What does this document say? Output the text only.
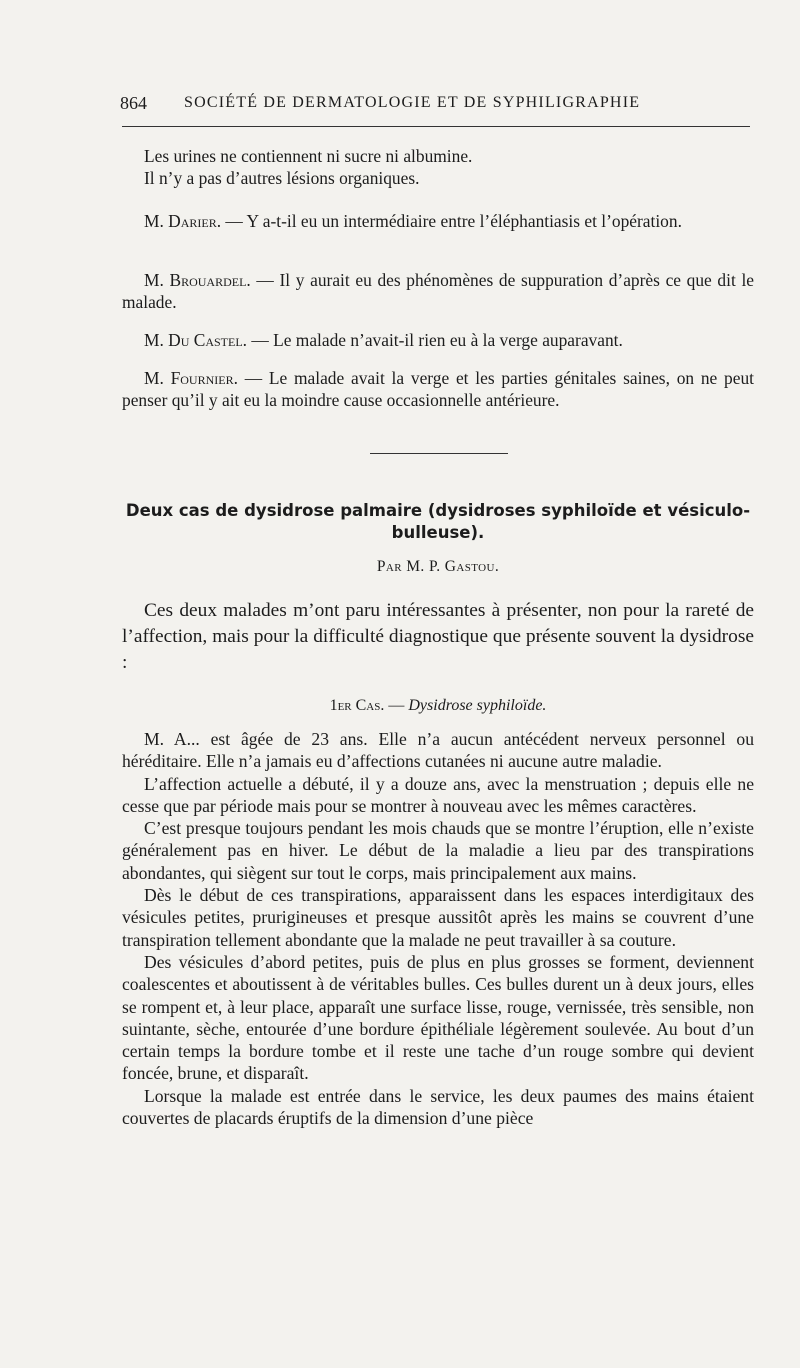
864 SOCIÉTÉ DE DERMATOLOGIE ET DE SYPHILIGRAPHIE

Les urines ne contiennent ni sucre ni albumine.

Il n’y a pas d’autres lésions organiques.

M. Darier. — Y a-t-il eu un intermédiaire entre l’éléphantiasis et l’opération.

M. Brouardel. — Il y aurait eu des phénomènes de suppuration d’après ce que dit le malade.

M. Du Castel. — Le malade n’avait-il rien eu à la verge auparavant.

M. Fournier. — Le malade avait la verge et les parties génitales saines, on ne peut penser qu’il y ait eu la moindre cause occasionnelle antérieure.

Deux cas de dysidrose palmaire (dysidroses syphiloïde et vésiculo-bulleuse).
Par M. P. Gastou.

Ces deux malades m’ont paru intéressantes à présenter, non pour la rareté de l’affection, mais pour la difficulté diagnostique que présente souvent la dysidrose :

1er Cas. — Dysidrose syphiloïde.

M. A... est âgée de 23 ans. Elle n’a aucun antécédent nerveux personnel ou héréditaire. Elle n’a jamais eu d’affections cutanées ni aucune autre maladie.

L’affection actuelle a débuté, il y a douze ans, avec la menstruation ; depuis elle ne cesse que par période mais pour se montrer à nouveau avec les mêmes caractères.

C’est presque toujours pendant les mois chauds que se montre l’éruption, elle n’existe généralement pas en hiver. Le début de la maladie a lieu par des transpirations abondantes, qui siègent sur tout le corps, mais principalement aux mains.

Dès le début de ces transpirations, apparaissent dans les espaces interdigitaux des vésicules petites, prurigineuses et presque aussitôt après les mains se couvrent d’une transpiration tellement abondante que la malade ne peut travailler à sa couture.

Des vésicules d’abord petites, puis de plus en plus grosses se forment, deviennent coalescentes et aboutissent à de véritables bulles. Ces bulles durent un à deux jours, elles se rompent et, à leur place, apparaît une surface lisse, rouge, vernissée, très sensible, non suintante, sèche, entourée d’une bordure épithéliale légèrement soulevée. Au bout d’un certain temps la bordure tombe et il reste une tache d’un rouge sombre qui devient foncée, brune, et disparaît.

Lorsque la malade est entrée dans le service, les deux paumes des mains étaient couvertes de placards éruptifs de la dimension d’une pièce
